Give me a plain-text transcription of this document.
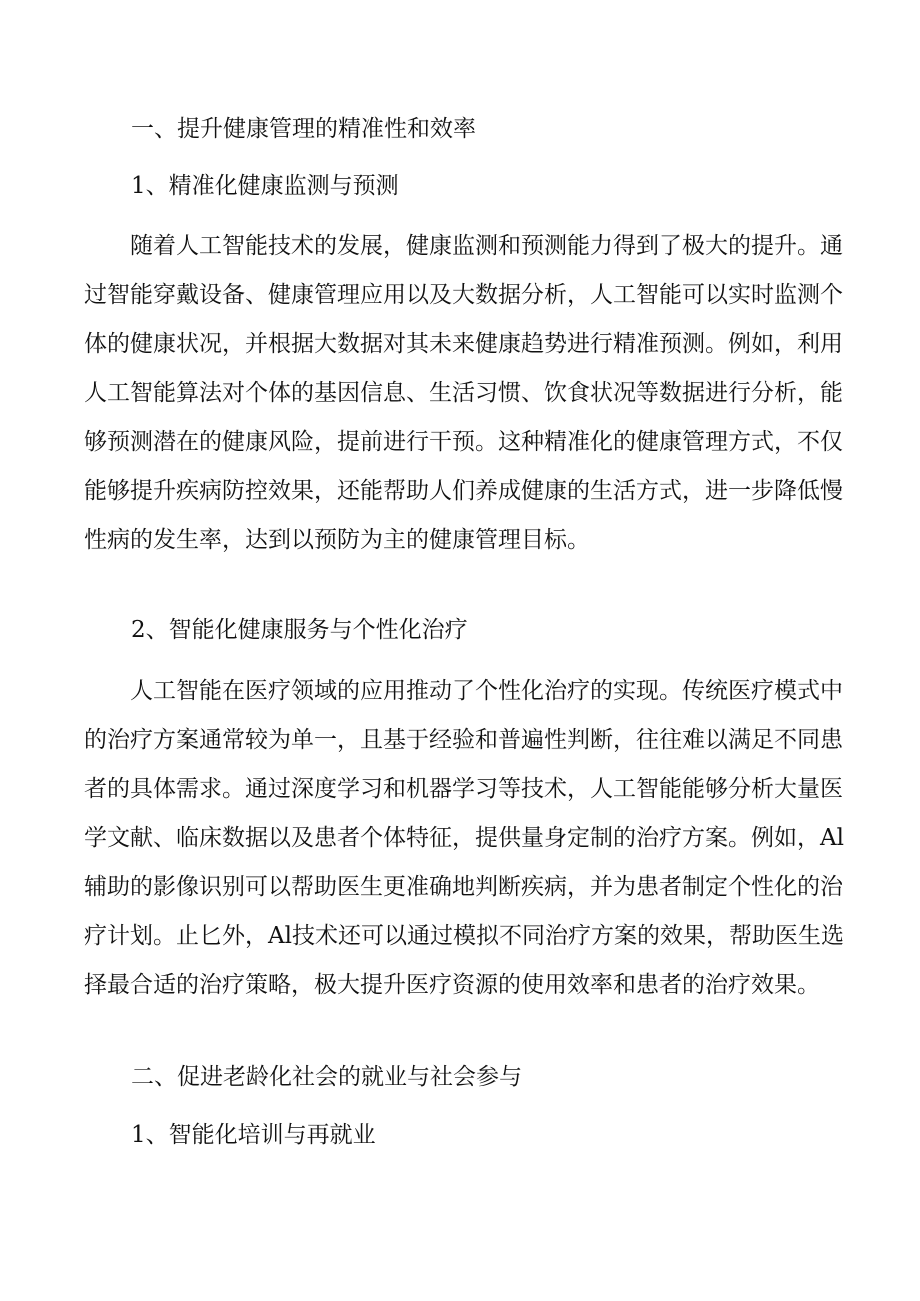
一、提升健康管理的精准性和效率
1、精准化健康监测与预测
随着人工智能技术的发展，健康监测和预测能力得到了极大的提升。通
过智能穿戴设备、健康管理应用以及大数据分析，人工智能可以实时监测个
体的健康状况，并根据大数据对其未来健康趋势进行精准预测。例如，利用
人工智能算法对个体的基因信息、生活习惯、饮食状况等数据进行分析，能
够预测潜在的健康风险，提前进行干预。这种精准化的健康管理方式，不仅
能够提升疾病防控效果，还能帮助人们养成健康的生活方式，进一步降低慢
性病的发生率，达到以预防为主的健康管理目标。
2、智能化健康服务与个性化治疗
人工智能在医疗领域的应用推动了个性化治疗的实现。传统医疗模式中
的治疗方案通常较为单一，且基于经验和普遍性判断，往往难以满足不同患
者的具体需求。通过深度学习和机器学习等技术，人工智能能够分析大量医
学文献、临床数据以及患者个体特征，提供量身定制的治疗方案。例如，Al
辅助的影像识别可以帮助医生更准确地判断疾病，并为患者制定个性化的治
疗计划。止匕外，Al技术还可以通过模拟不同治疗方案的效果，帮助医生选
择最合适的治疗策略，极大提升医疗资源的使用效率和患者的治疗效果。
二、促进老龄化社会的就业与社会参与
1、智能化培训与再就业
